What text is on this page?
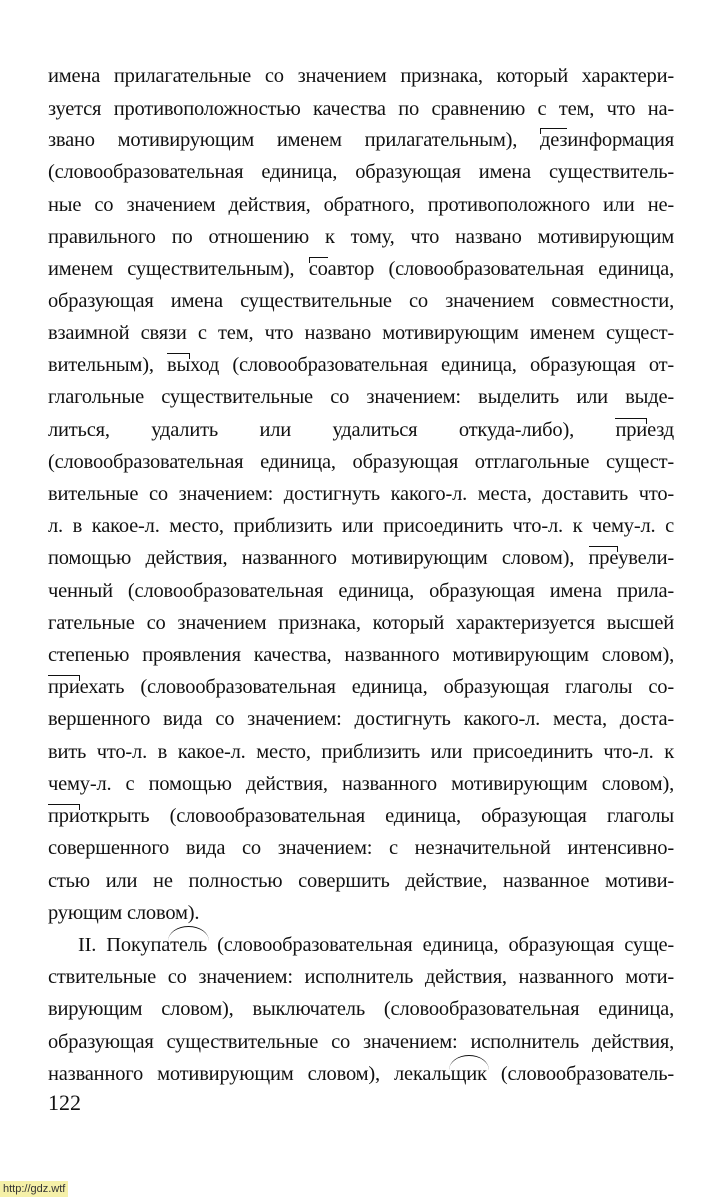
имена прилагательные со значением признака, который характери-
зуется противоположностью качества по сравнению с тем, что на-
звано мотивирующим именем прилагательным), дезинформация
(словообразовательная единица, образующая имена существитель-
ные со значением действия, обратного, противоположного или не-
правильного по отношению к тому, что названо мотивирующим
именем существительным), соавтор (словообразовательная единица,
образующая имена существительные со значением совместности,
взаимной связи с тем, что названо мотивирующим именем сущест-
вительным), выход (словообразовательная единица, образующая от-
глагольные существительные со значением: выделить или выде-
литься, удалить или удалиться откуда-либо), приезд
(словообразовательная единица, образующая отглагольные сущест-
вительные со значением: достигнуть какого-л. места, доставить что-
л. в какое-л. место, приблизить или присоединить что-л. к чему-л. с
помощью действия, названного мотивирующим словом), преувели-
ченный (словообразовательная единица, образующая имена прила-
гательные со значением признака, который характеризуется высшей
степенью проявления качества, названного мотивирующим словом),
приехать (словообразовательная единица, образующая глаголы со-
вершенного вида со значением: достигнуть какого-л. места, доста-
вить что-л. в какое-л. место, приблизить или присоединить что-л. к
чему-л. с помощью действия, названного мотивирующим словом),
приоткрыть (словообразовательная единица, образующая глаголы
совершенного вида со значением: с незначительной интенсивно-
стью или не полностью совершить действие, названное мотиви-
рующим словом).
II. Покупатель (словообразовательная единица, образующая суще-
ствительные со значением: исполнитель действия, названного моти-
вирующим словом), выключатель (словообразовательная единица,
образующая существительные со значением: исполнитель действия,
названного мотивирующим словом), лекальщик (словообразователь-
122
http://gdz.wtf
